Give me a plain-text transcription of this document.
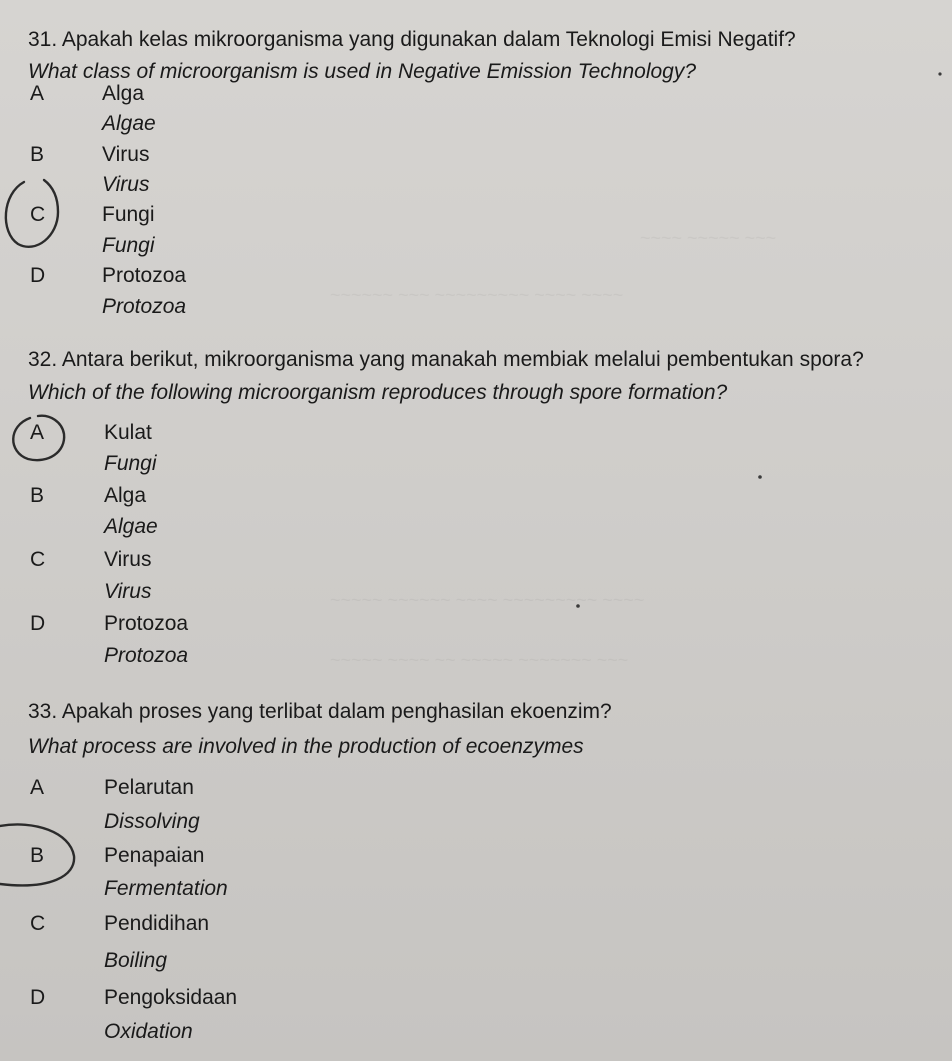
~~~~ ~~~~~ ~~~
~~~~~~ ~~~ ~~~~~~~~~ ~~~~ ~~~~
~~~~~ ~~~~~~ ~~~~ ~~~~~~~~~ ~~~~
~~~~~ ~~~~ ~~ ~~~~~ ~~~~~~~ ~~~
31. Apakah kelas mikroorganisma yang digunakan dalam Teknologi Emisi Negatif?
What class of microorganism is used in Negative Emission Technology?
A	Alga
Algae
B	Virus
Virus
C	Fungi
Fungi
D	Protozoa
Protozoa
32. Antara berikut, mikroorganisma yang manakah membiak melalui pembentukan spora?
Which of the following microorganism reproduces through spore formation?
A	Kulat
Fungi
B	Alga
Algae
C	Virus
Virus
D	Protozoa
Protozoa
33. Apakah proses yang terlibat dalam penghasilan ekoenzim?
What process are involved in the production of ecoenzymes
A	Pelarutan
Dissolving
B	Penapaian
Fermentation
C	Pendidihan
Boiling
D	Pengoksidaan
Oxidation
